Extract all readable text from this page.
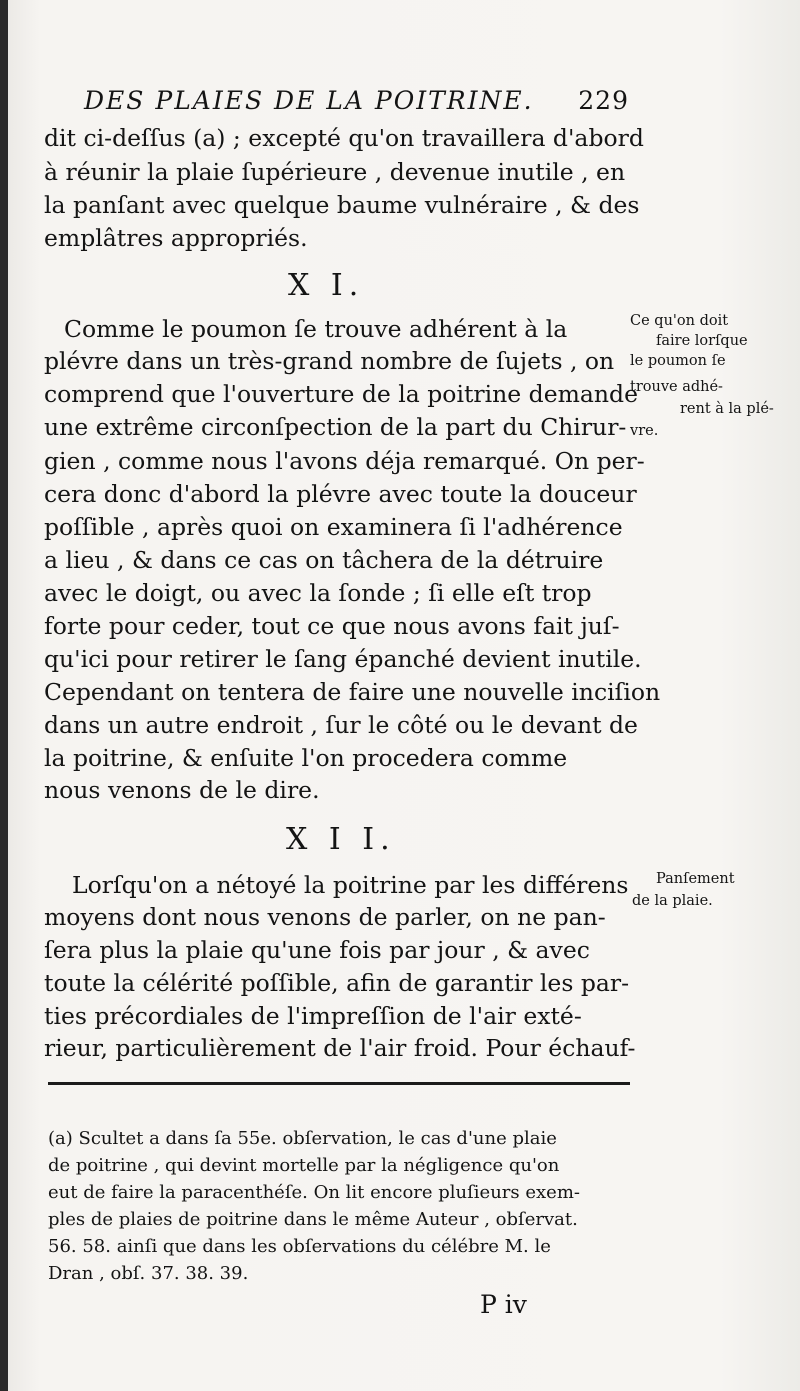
DES PLAIES DE LA POITRINE. 229
dit ci-deſſus (a) ; excepté qu'on travaillera d'abord
à réunir la plaie ſupérieure , devenue inutile , en
la panſant avec quelque baume vulnéraire , & des
emplâtres appropriés.
X I.
Comme le poumon ſe trouve adhérent à la
plévre dans un très-grand nombre de ſujets , on
comprend que l'ouverture de la poitrine demande
une extrême circonſpection de la part du Chirur-
gien , comme nous l'avons déja remarqué. On per-
cera donc d'abord la plévre avec toute la douceur
poſſible , après quoi on examinera ſi l'adhérence
a lieu , & dans ce cas on tâchera de la détruire
avec le doigt, ou avec la ſonde ; ſi elle eſt trop
forte pour ceder, tout ce que nous avons fait juſ-
qu'ici pour retirer le ſang épanché devient inutile.
Cependant on tentera de faire une nouvelle inciſion
dans un autre endroit , ſur le côté ou le devant de
la poitrine, & enſuite l'on procedera comme
nous venons de le dire.
X I I.
Lorſqu'on a nétoyé la poitrine par les différens
moyens dont nous venons de parler, on ne pan-
ſera plus la plaie qu'une fois par jour , & avec
toute la célérité poſſible, afin de garantir les par-
ties précordiales de l'impreſſion de l'air exté-
rieur, particulièrement de l'air froid. Pour échauf-
Ce qu'on doit
faire lorſque
le poumon ſe
trouve adhé-
rent à la plé-
vre.
Panſement
de la plaie.
(a) Scultet a dans ſa 55e. obſervation, le cas d'une plaie
de poitrine , qui devint mortelle par la négligence qu'on
eut de faire la paracenthéſe. On lit encore pluſieurs exem-
ples de plaies de poitrine dans le même Auteur , obſervat.
56. 58. ainſi que dans les obſervations du célébre M. le
Dran , obſ. 37. 38. 39.
P iv
